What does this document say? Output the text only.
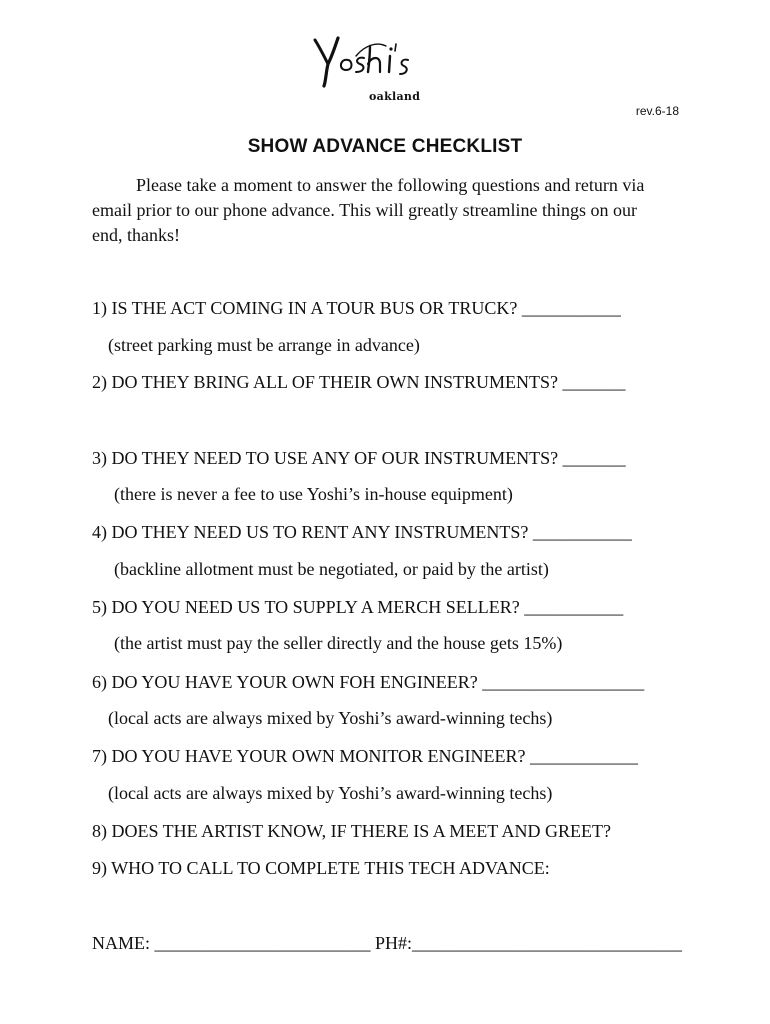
oakland
rev.6-18
SHOW ADVANCE CHECKLIST

Please take a moment to answer the following questions and return via email prior to our phone advance. This will greatly streamline things on our end, thanks!

1) IS THE ACT COMING IN A TOUR BUS OR TRUCK? ___________

(street parking must be arrange in advance)

2) DO THEY BRING ALL OF THEIR OWN INSTRUMENTS? _______

3) DO THEY NEED TO USE ANY OF OUR INSTRUMENTS? _______

(there is never a fee to use Yoshi’s in-house equipment)

4) DO THEY NEED US TO RENT ANY INSTRUMENTS? ___________

(backline allotment must be negotiated, or paid by the artist)

5) DO YOU NEED US TO SUPPLY A MERCH SELLER? ___________

(the artist must pay the seller directly and the house gets 15%)

6) DO YOU HAVE YOUR OWN FOH ENGINEER? __________________

(local acts are always mixed by Yoshi’s award-winning techs)

7) DO YOU HAVE YOUR OWN MONITOR ENGINEER? ____________

(local acts are always mixed by Yoshi’s award-winning techs)

8) DOES THE ARTIST KNOW, IF THERE IS A MEET AND GREET?

9) WHO TO CALL TO COMPLETE THIS TECH ADVANCE:

NAME: ________________________ PH#:______________________________
